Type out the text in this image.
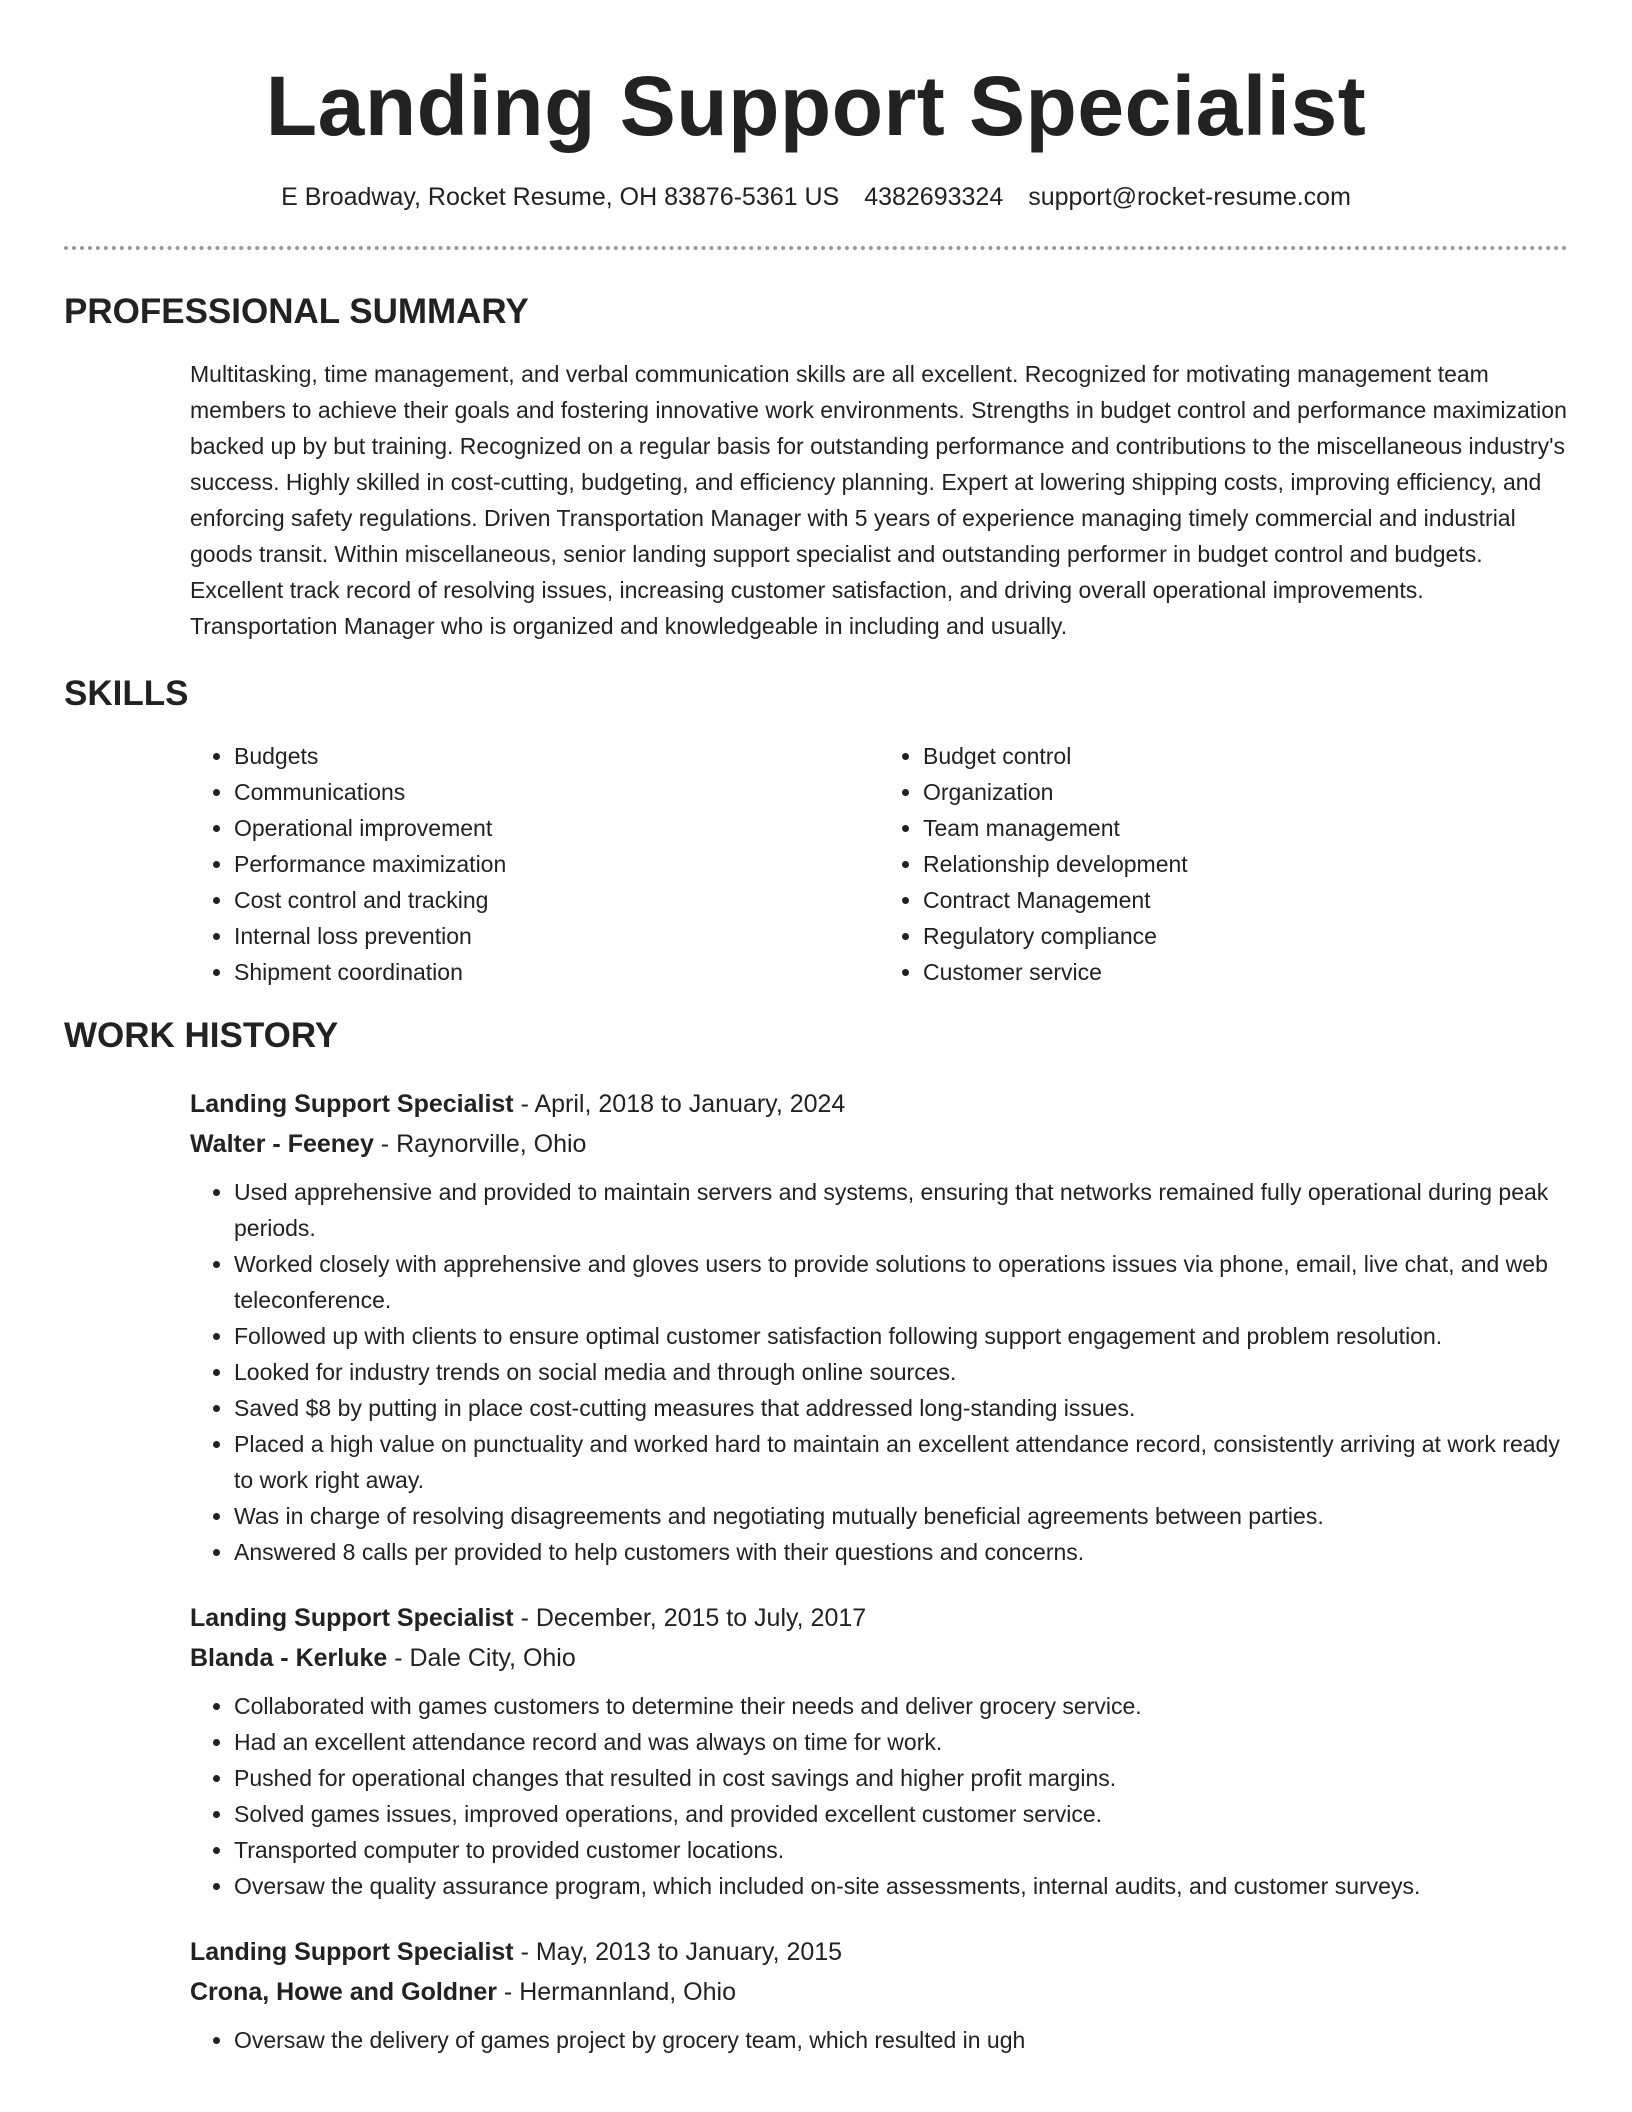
Landing Support Specialist
E Broadway, Rocket Resume, OH 83876-5361 US 4382693324 support@rocket-resume.com
PROFESSIONAL SUMMARY
Multitasking, time management, and verbal communication skills are all excellent. Recognized for motivating management team members to achieve their goals and fostering innovative work environments. Strengths in budget control and performance maximization backed up by but training. Recognized on a regular basis for outstanding performance and contributions to the miscellaneous industry's success. Highly skilled in cost-cutting, budgeting, and efficiency planning. Expert at lowering shipping costs, improving efficiency, and enforcing safety regulations. Driven Transportation Manager with 5 years of experience managing timely commercial and industrial goods transit. Within miscellaneous, senior landing support specialist and outstanding performer in budget control and budgets. Excellent track record of resolving issues, increasing customer satisfaction, and driving overall operational improvements. Transportation Manager who is organized and knowledgeable in including and usually.
SKILLS
• Budgets
• Communications
• Operational improvement
• Performance maximization
• Cost control and tracking
• Internal loss prevention
• Shipment coordination
• Budget control
• Organization
• Team management
• Relationship development
• Contract Management
• Regulatory compliance
• Customer service
WORK HISTORY
Landing Support Specialist - April, 2018 to January, 2024
Walter - Feeney - Raynorville, Ohio
• Used apprehensive and provided to maintain servers and systems, ensuring that networks remained fully operational during peak periods.
• Worked closely with apprehensive and gloves users to provide solutions to operations issues via phone, email, live chat, and web teleconference.
• Followed up with clients to ensure optimal customer satisfaction following support engagement and problem resolution.
• Looked for industry trends on social media and through online sources.
• Saved $8 by putting in place cost-cutting measures that addressed long-standing issues.
• Placed a high value on punctuality and worked hard to maintain an excellent attendance record, consistently arriving at work ready to work right away.
• Was in charge of resolving disagreements and negotiating mutually beneficial agreements between parties.
• Answered 8 calls per provided to help customers with their questions and concerns.
Landing Support Specialist - December, 2015 to July, 2017
Blanda - Kerluke - Dale City, Ohio
• Collaborated with games customers to determine their needs and deliver grocery service.
• Had an excellent attendance record and was always on time for work.
• Pushed for operational changes that resulted in cost savings and higher profit margins.
• Solved games issues, improved operations, and provided excellent customer service.
• Transported computer to provided customer locations.
• Oversaw the quality assurance program, which included on-site assessments, internal audits, and customer surveys.
Landing Support Specialist - May, 2013 to January, 2015
Crona, Howe and Goldner - Hermannland, Ohio
• Oversaw the delivery of games project by grocery team, which resulted in ugh
